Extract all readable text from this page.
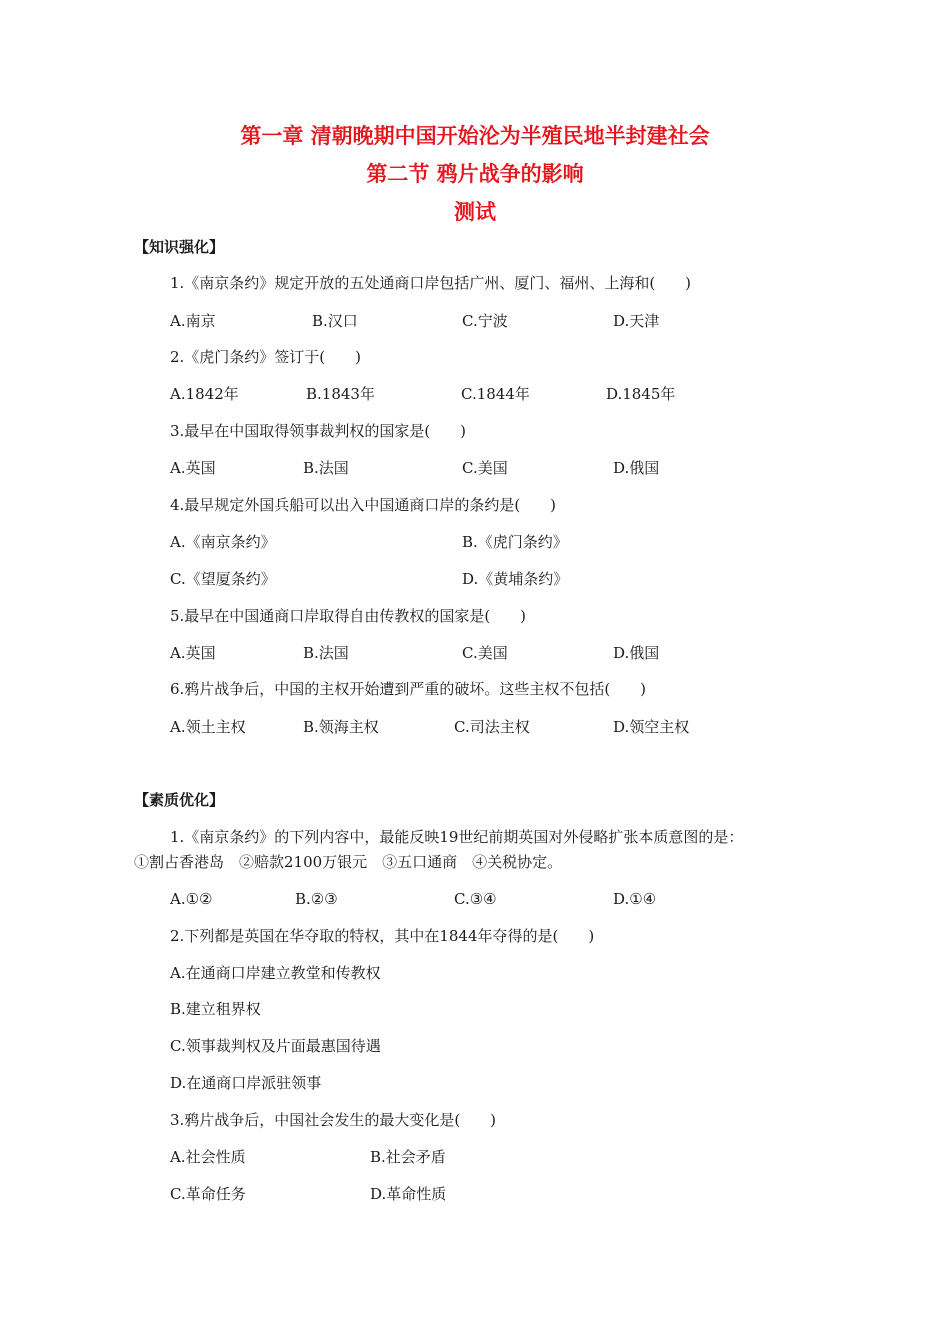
第一章 清朝晚期中国开始沦为半殖民地半封建社会
第二节 鸦片战争的影响
测试
【知识强化】
1.《南京条约》规定开放的五处通商口岸包括广州、厦门、福州、上海和(　　)
A.南京	B.汉口	C.宁波	D.天津
2.《虎门条约》签订于(　　)
A.1842年	B.1843年	C.1844年	D.1845年
3.最早在中国取得领事裁判权的国家是(　　)
A.英国	B.法国	C.美国	D.俄国
4.最早规定外国兵船可以出入中国通商口岸的条约是(　　)
A.《南京条约》	B.《虎门条约》
C.《望厦条约》	D.《黄埔条约》
5.最早在中国通商口岸取得自由传教权的国家是(　　)
A.英国	B.法国	C.美国	D.俄国
6.鸦片战争后，中国的主权开始遭到严重的破坏。这些主权不包括(　　)
A.领土主权	B.领海主权	C.司法主权	D.领空主权
【素质优化】
1.《南京条约》的下列内容中，最能反映19世纪前期英国对外侵略扩张本质意图的是：
①割占香港岛　②赔款2100万银元　③五口通商　④关税协定。
A.①②	B.②③	C.③④	D.①④
2.下列都是英国在华夺取的特权，其中在1844年夺得的是(　　)
A.在通商口岸建立教堂和传教权
B.建立租界权
C.领事裁判权及片面最惠国待遇
D.在通商口岸派驻领事
3.鸦片战争后，中国社会发生的最大变化是(　　)
A.社会性质	B.社会矛盾
C.革命任务	D.革命性质
